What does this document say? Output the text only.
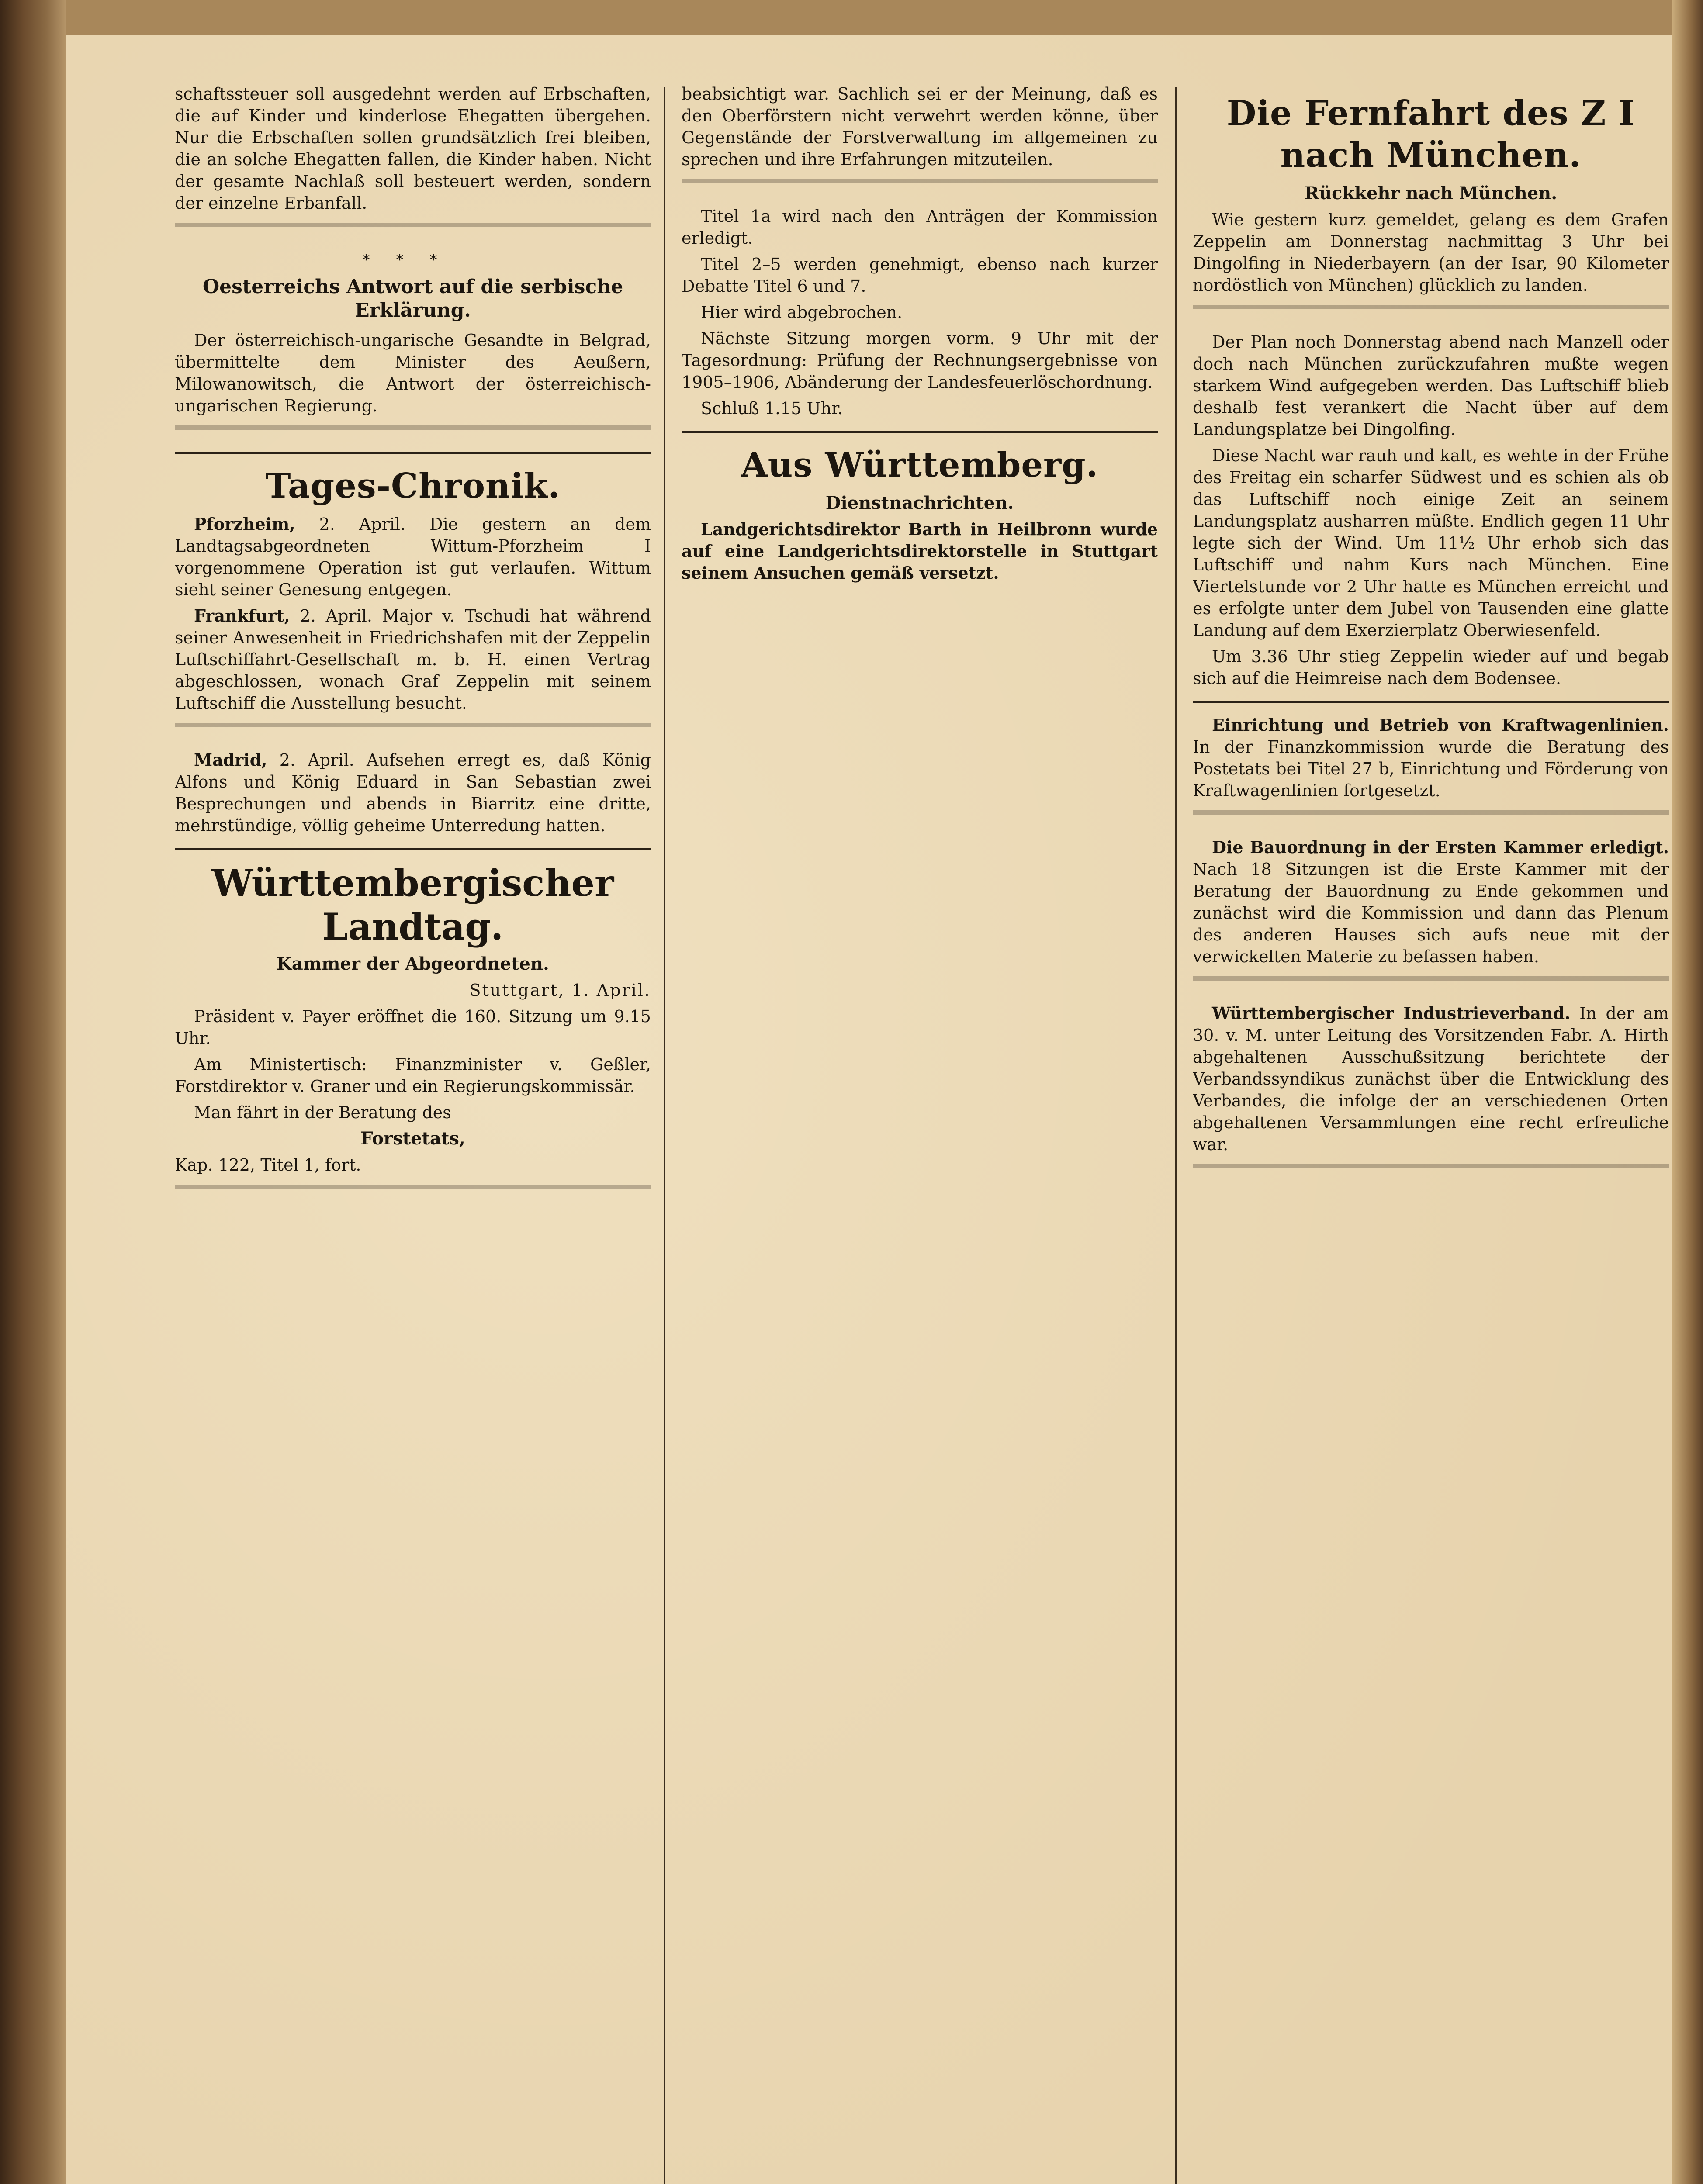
schaftssteuer soll ausgedehnt werden auf Erbschaften, die auf Kinder und kinderlose Ehegatten übergehen. Nur die Erbschaften sollen grundsätzlich frei bleiben, die an solche Ehegatten fallen, die Kinder haben. Nicht der gesamte Nachlaß soll besteuert werden, sondern der einzelne Erbanfall.

***
Oesterreichs Antwort auf die serbische Erklärung.

Der österreichisch-ungarische Gesandte in Belgrad, übermittelte dem Minister des Aeußern, Milowanowitsch, die Antwort der österreichisch-ungarischen Regierung.

Tages-Chronik.

Pforzheim, 2. April. Die gestern an dem Landtagsabgeordneten Wittum-Pforzheim I vorgenommene Operation ist gut verlaufen. Wittum sieht seiner Genesung entgegen.

Frankfurt, 2. April. Major v. Tschudi hat während seiner Anwesenheit in Friedrichshafen mit der Zeppelin Luftschiffahrt-Gesellschaft m. b. H. einen Vertrag abgeschlossen, wonach Graf Zeppelin mit seinem Luftschiff die Ausstellung besucht.

Madrid, 2. April. Aufsehen erregt es, daß König Alfons und König Eduard in San Sebastian zwei Besprechungen und abends in Biarritz eine dritte, mehrstündige, völlig geheime Unterredung hatten.

Württembergischer Landtag.
Kammer der Abgeordneten.
Stuttgart, 1. April.

Präsident v. Payer eröffnet die 160. Sitzung um 9.15 Uhr.

Am Ministertisch: Finanzminister v. Geßler, Forstdirektor v. Graner und ein Regierungskommissär.

Man fährt in der Beratung des

Forstetats,

Kap. 122, Titel 1, fort.

beabsichtigt war. Sachlich sei er der Meinung, daß es den Oberförstern nicht verwehrt werden könne, über Gegenstände der Forstverwaltung im allgemeinen zu sprechen und ihre Erfahrungen mitzuteilen.

Titel 1a wird nach den Anträgen der Kommission erledigt.

Titel 2–5 werden genehmigt, ebenso nach kurzer Debatte Titel 6 und 7.

Hier wird abgebrochen.

Nächste Sitzung morgen vorm. 9 Uhr mit der Tagesordnung: Prüfung der Rechnungsergebnisse von 1905–1906, Abänderung der Landesfeuerlöschordnung.

Schluß 1.15 Uhr.

Aus Württemberg.
Dienstnachrichten.

Landgerichtsdirektor Barth in Heilbronn wurde auf eine Landgerichtsdirektorstelle in Stuttgart seinem Ansuchen gemäß versetzt.

Die Fernfahrt des Z I nach München.
Rückkehr nach München.

Wie gestern kurz gemeldet, gelang es dem Grafen Zeppelin am Donnerstag nachmittag 3 Uhr bei Dingolfing in Niederbayern (an der Isar, 90 Kilometer nordöstlich von München) glücklich zu landen.

Der Plan noch Donnerstag abend nach Manzell oder doch nach München zurückzufahren mußte wegen starkem Wind aufgegeben werden. Das Luftschiff blieb deshalb fest verankert die Nacht über auf dem Landungsplatze bei Dingolfing.

Diese Nacht war rauh und kalt, es wehte in der Frühe des Freitag ein scharfer Südwest und es schien als ob das Luftschiff noch einige Zeit an seinem Landungsplatz ausharren müßte. Endlich gegen 11 Uhr legte sich der Wind. Um 11½ Uhr erhob sich das Luftschiff und nahm Kurs nach München. Eine Viertelstunde vor 2 Uhr hatte es München erreicht und es erfolgte unter dem Jubel von Tausenden eine glatte Landung auf dem Exerzierplatz Oberwiesenfeld.

Um 3.36 Uhr stieg Zeppelin wieder auf und begab sich auf die Heimreise nach dem Bodensee.

Einrichtung und Betrieb von Kraftwagenlinien. In der Finanzkommission wurde die Beratung des Postetats bei Titel 27 b, Einrichtung und Förderung von Kraftwagenlinien fortgesetzt.

Die Bauordnung in der Ersten Kammer erledigt. Nach 18 Sitzungen ist die Erste Kammer mit der Beratung der Bauordnung zu Ende gekommen und zunächst wird die Kommission und dann das Plenum des anderen Hauses sich aufs neue mit der verwickelten Materie zu befassen haben.

Württembergischer Industrieverband. In der am 30. v. M. unter Leitung des Vorsitzenden Fabr. A. Hirth abgehaltenen Ausschußsitzung berichtete der Verbandssyndikus zunächst über die Entwicklung des Verbandes, die infolge der an verschiedenen Orten abgehaltenen Versammlungen eine recht erfreuliche war.
